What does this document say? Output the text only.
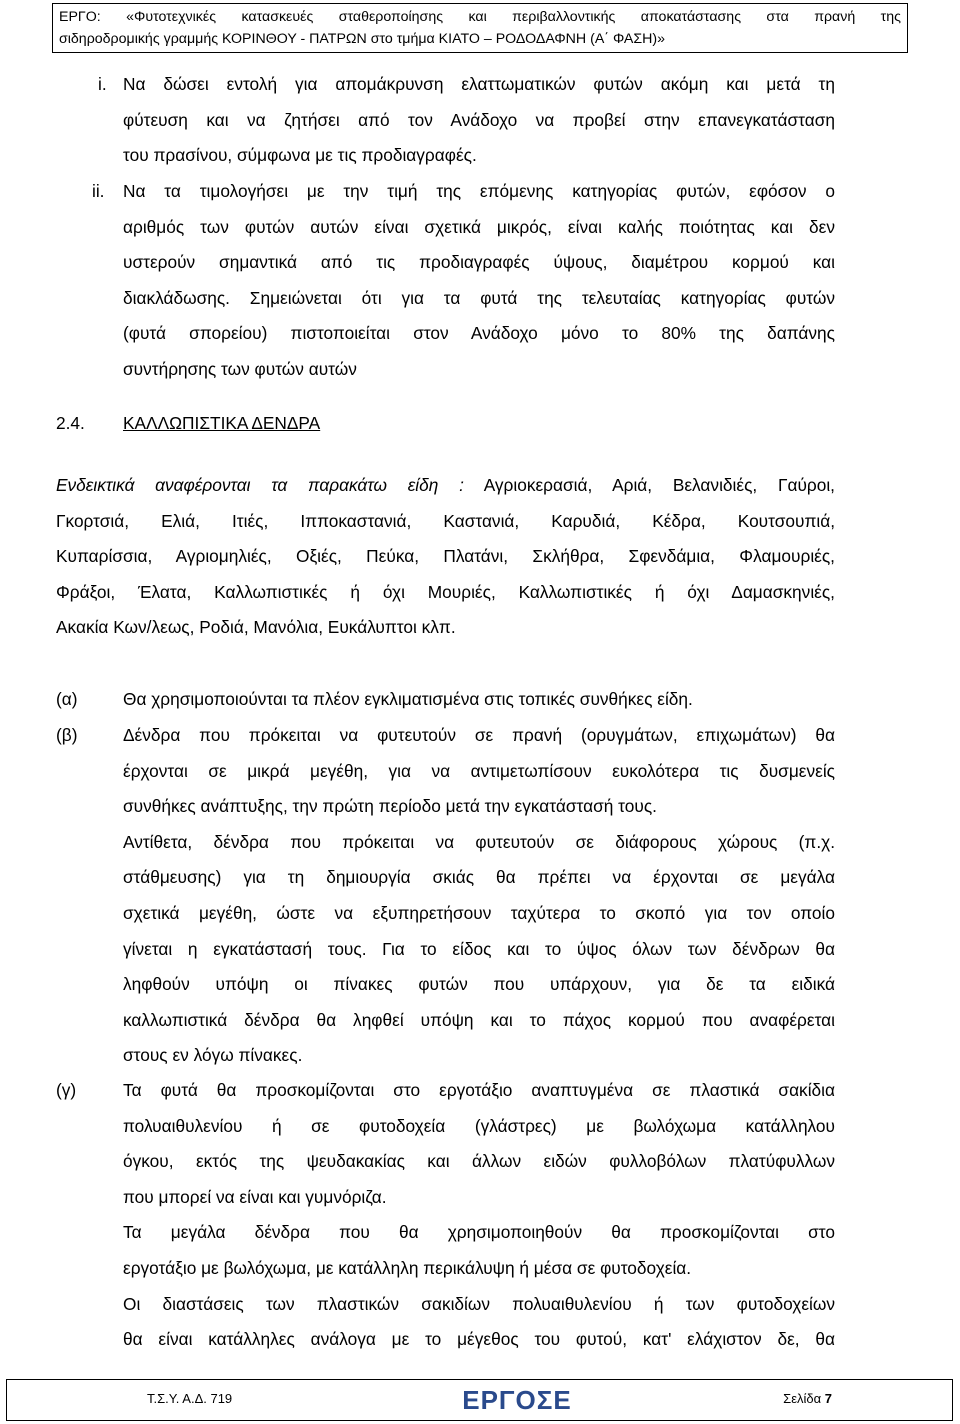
ΕΡΓΟ: «Φυτοτεχνικές κατασκευές σταθεροποίησης και περιβαλλοντικής αποκατάστασης στα πρανή της
σιδηροδρομικής γραμμής ΚΟΡΙΝΘΟΥ - ΠΑΤΡΩΝ στο τμήμα ΚΙΑΤΟ – ΡΟΔΟΔΑΦΝΗ (Α΄ ΦΑΣΗ)»
i. Να δώσει εντολή για απομάκρυνση ελαττωματικών φυτών ακόμη και μετά τη
φύτευση και να ζητήσει από τον Ανάδοχο να προβεί στην επανεγκατάσταση
του πρασίνου, σύμφωνα με τις προδιαγραφές.
ii. Να τα τιμολογήσει με την τιμή της επόμενης κατηγορίας φυτών, εφόσον ο
αριθμός των φυτών αυτών είναι σχετικά μικρός, είναι καλής ποιότητας και δεν
υστερούν σημαντικά από τις προδιαγραφές ύψους, διαμέτρου κορμού και
διακλάδωσης. Σημειώνεται ότι για τα φυτά της τελευταίας κατηγορίας φυτών
(φυτά σπορείου) πιστοποιείται στον Ανάδοχο μόνο το 80% της δαπάνης
συντήρησης των φυτών αυτών
2.4. ΚΑΛΛΩΠΙΣΤΙΚΑ ΔΕΝΔΡΑ
Ενδεικτικά αναφέρονται τα παρακάτω είδη : Αγριοκερασιά, Αριά, Βελανιδιές, Γαύροι,
Γκορτσιά, Ελιά, Ιτιές, Ιπποκαστανιά, Καστανιά, Καρυδιά, Κέδρα, Κουτσουπιά,
Κυπαρίσσια, Αγριομηλιές, Οξιές, Πεύκα, Πλατάνι, Σκλήθρα, Σφενδάμια, Φλαμουριές,
Φράξοι, Έλατα, Καλλωπιστικές ή όχι Μουριές, Καλλωπιστικές ή όχι Δαμασκηνιές,
Ακακία Κων/λεως, Ροδιά, Μανόλια, Ευκάλυπτοι κλπ.
(α)	Θα χρησιμοποιούνται τα πλέον εγκλιματισμένα στις τοπικές συνθήκες είδη.
(β)	Δένδρα που πρόκειται να φυτευτούν σε πρανή (ορυγμάτων, επιχωμάτων) θα
έρχονται σε μικρά μεγέθη, για να αντιμετωπίσουν ευκολότερα τις δυσμενείς
συνθήκες ανάπτυξης, την πρώτη περίοδο μετά την εγκατάστασή τους.
Αντίθετα, δένδρα που πρόκειται να φυτευτούν σε διάφορους χώρους (π.χ.
στάθμευσης) για τη δημιουργία σκιάς θα πρέπει να έρχονται σε μεγάλα
σχετικά μεγέθη, ώστε να εξυπηρετήσουν ταχύτερα το σκοπό για τον οποίο
γίνεται η εγκατάστασή τους. Για το είδος και το ύψος όλων των δένδρων θα
ληφθούν υπόψη οι πίνακες φυτών που υπάρχουν, για δε τα ειδικά
καλλωπιστικά δένδρα θα ληφθεί υπόψη και το πάχος κορμού που αναφέρεται
στους εν λόγω πίνακες.
(γ)	Τα φυτά θα προσκομίζονται στο εργοτάξιο αναπτυγμένα σε πλαστικά σακίδια
πολυαιθυλενίου ή σε φυτοδοχεία (γλάστρες) με βωλόχωμα κατάλληλου
όγκου, εκτός της ψευδακακίας και άλλων ειδών φυλλοβόλων πλατύφυλλων
που μπορεί να είναι και γυμνόριζα.
Τα μεγάλα δένδρα που θα χρησιμοποιηθούν θα προσκομίζονται στο
εργοτάξιο με βωλόχωμα, με κατάλληλη περικάλυψη ή μέσα σε φυτοδοχεία.
Οι διαστάσεις των πλαστικών σακιδίων πολυαιθυλενίου ή των φυτοδοχείων
θα είναι κατάλληλες ανάλογα με το μέγεθος του φυτού, κατ' ελάχιστον δε, θα
Τ.Σ.Υ. Α.Δ. 719	ΕΡΓΟΣΕ	Σελίδα 7
